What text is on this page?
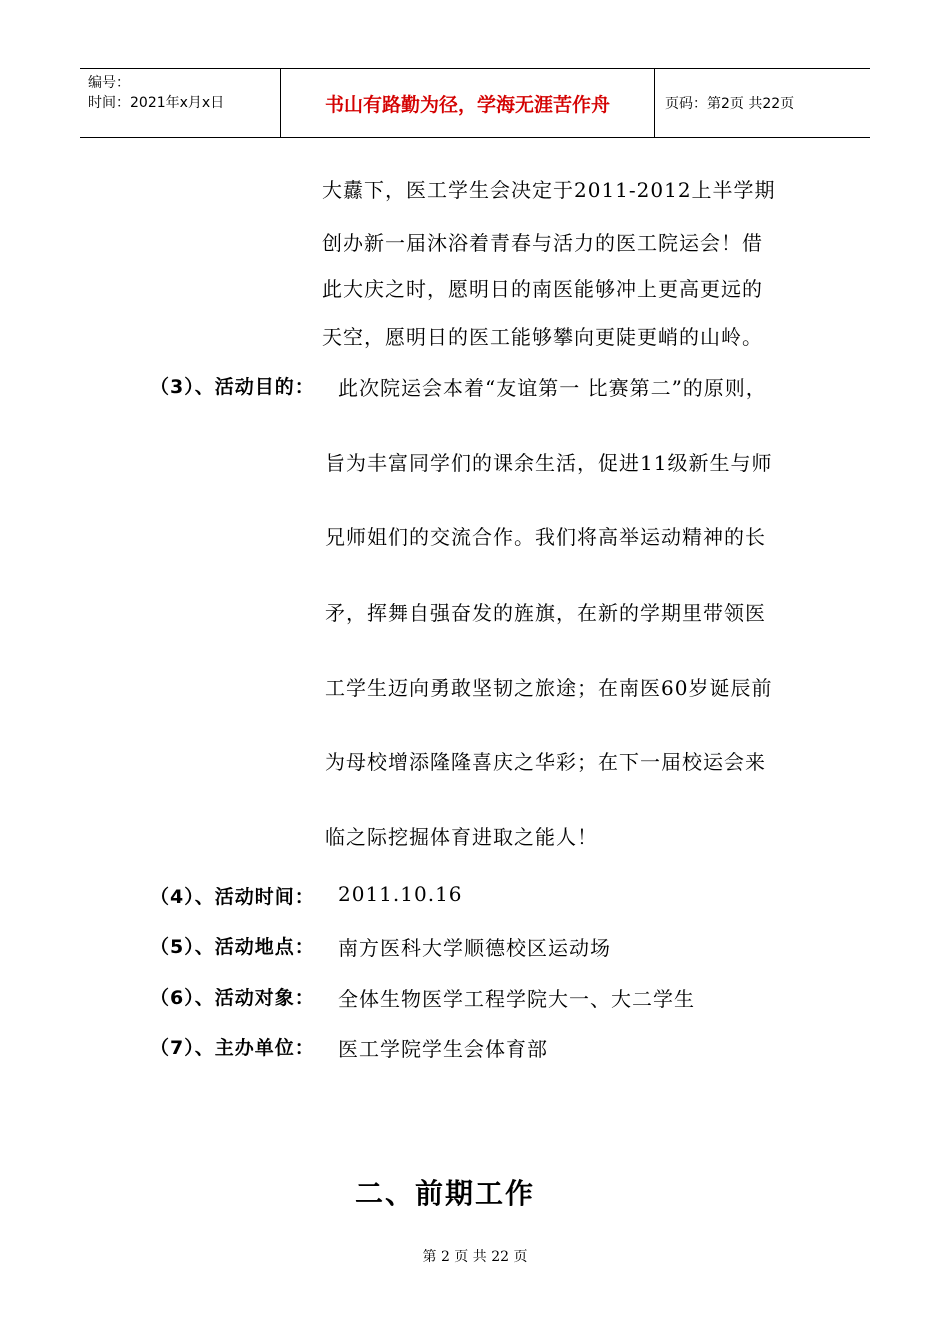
编号：
时间：2021年x月x日	书山有路勤为径，学海无涯苦作舟	页码：第2页 共22页
大纛下，医工学生会决定于2011-2012上半学期
创办新一届沐浴着青春与活力的医工院运会！借
此大庆之时，愿明日的南医能够冲上更高更远的
天空，愿明日的医工能够攀向更陡更峭的山岭。
（3）、活动目的： 此次院运会本着“友谊第一 比赛第二”的原则，
旨为丰富同学们的课余生活，促进11级新生与师
兄师姐们的交流合作。我们将高举运动精神的长
矛，挥舞自强奋发的旌旗，在新的学期里带领医
工学生迈向勇敢坚韧之旅途；在南医60岁诞辰前
为母校增添隆隆喜庆之华彩；在下一届校运会来
临之际挖掘体育进取之能人！
（4）、活动时间： 2011.10.16
（5）、活动地点： 南方医科大学顺德校区运动场
（6）、活动对象： 全体生物医学工程学院大一、大二学生
（7）、主办单位： 医工学院学生会体育部
二、前期工作
第 2 页 共 22 页
